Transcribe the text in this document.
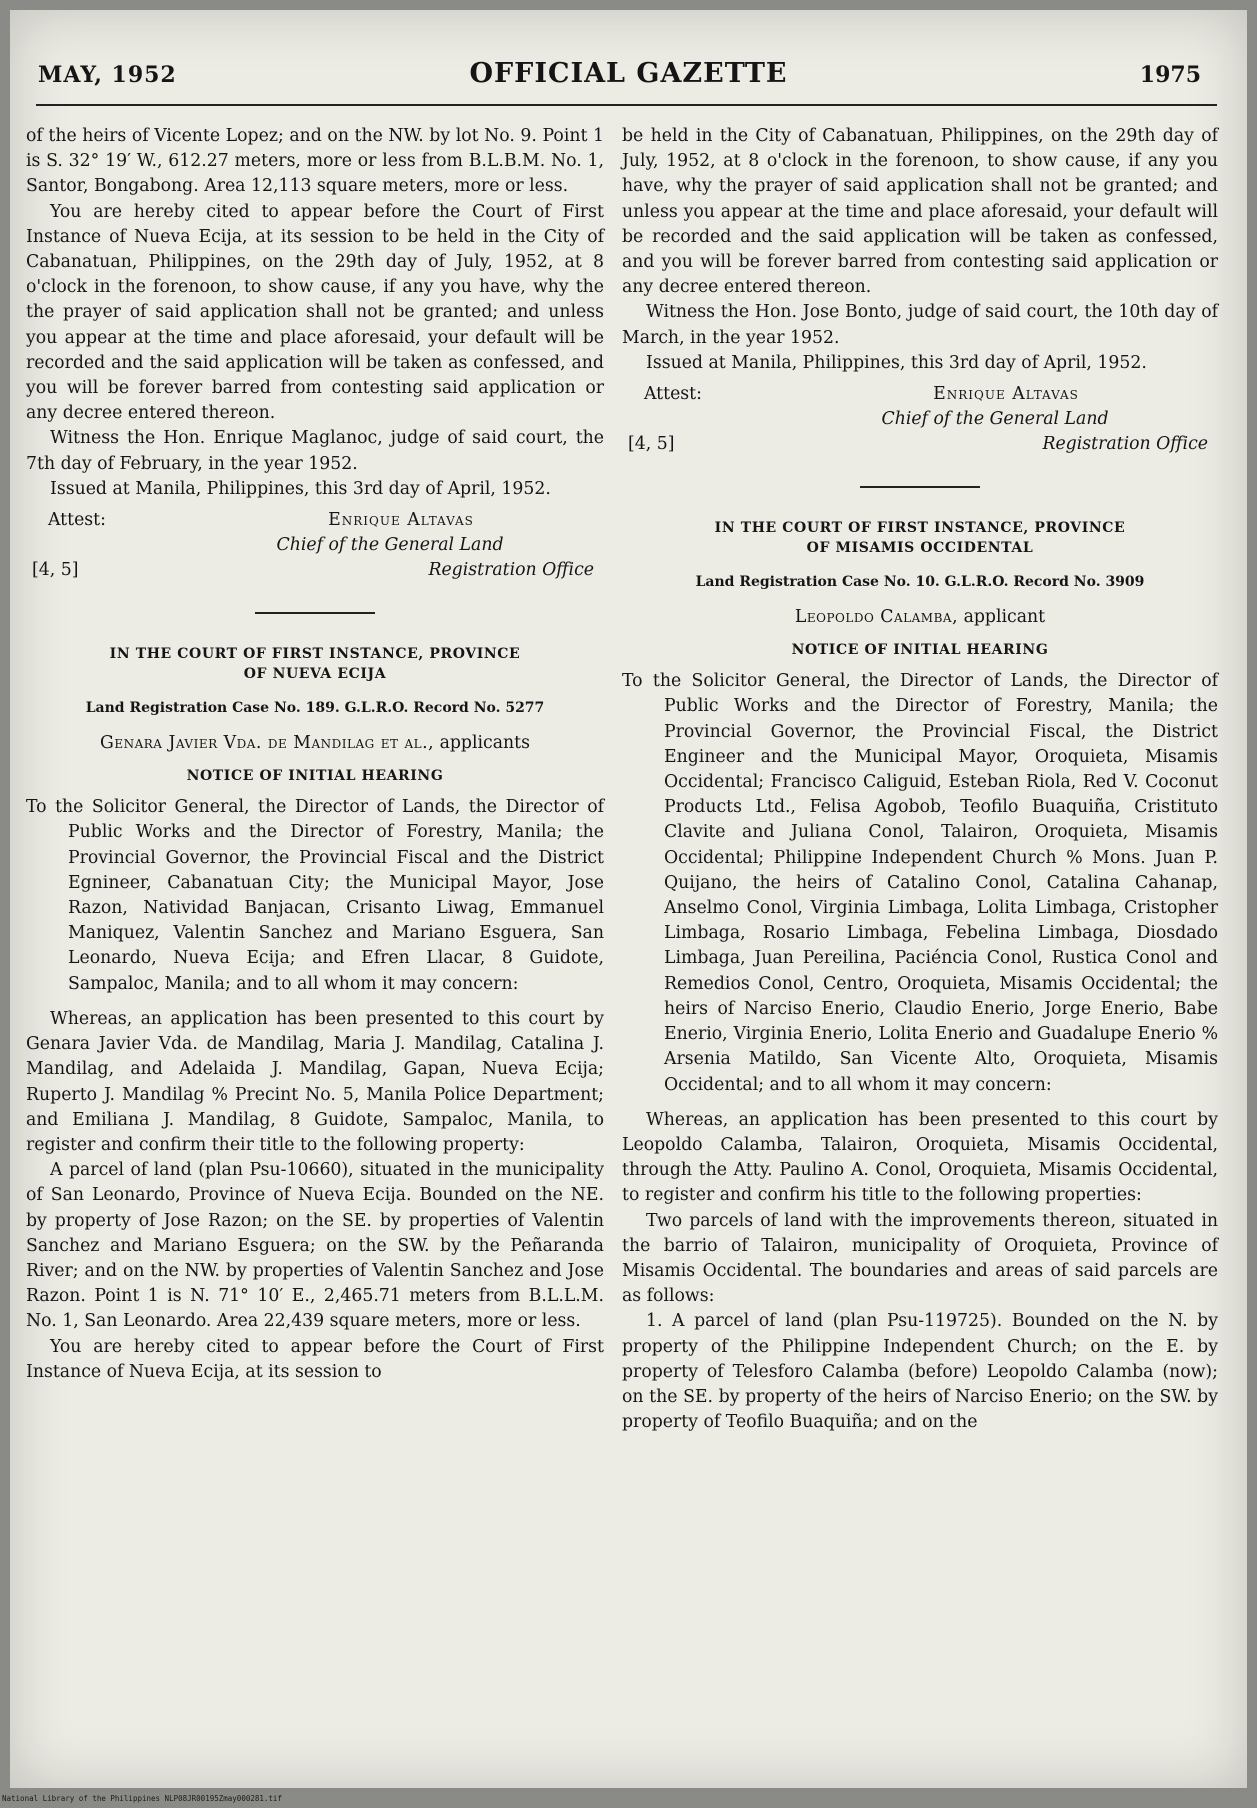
MAY, 1952	OFFICIAL GAZETTE	1975

of the heirs of Vicente Lopez; and on the NW. by lot No. 9. Point 1 is S. 32° 19′ W., 612.27 meters, more or less from B.L.B.M. No. 1, Santor, Bongabong. Area 12,113 square meters, more or less.

You are hereby cited to appear before the Court of First Instance of Nueva Ecija, at its session to be held in the City of Cabanatuan, Philippines, on the 29th day of July, 1952, at 8 o'clock in the forenoon, to show cause, if any you have, why the the prayer of said application shall not be granted; and unless you appear at the time and place aforesaid, your default will be recorded and the said application will be taken as confessed, and you will be forever barred from contesting said application or any decree entered thereon.

Witness the Hon. Enrique Maglanoc, judge of said court, the 7th day of February, in the year 1952.

Issued at Manila, Philippines, this 3rd day of April, 1952.

Attest:	Enrique Altavas
Chief of the General Land
[4, 5]	Registration Office
IN THE COURT OF FIRST INSTANCE, PROVINCE
OF NUEVA ECIJA
Land Registration Case No. 189. G.L.R.O. Record No. 5277
Genara Javier Vda. de Mandilag et al., applicants
NOTICE OF INITIAL HEARING

To the Solicitor General, the Director of Lands, the Director of Public Works and the Director of Forestry, Manila; the Provincial Governor, the Provincial Fiscal and the District Egnineer, Cabanatuan City; the Municipal Mayor, Jose Razon, Natividad Banjacan, Crisanto Liwag, Emmanuel Maniquez, Valentin Sanchez and Mariano Esguera, San Leonardo, Nueva Ecija; and Efren Llacar, 8 Guidote, Sampaloc, Manila; and to all whom it may concern:

Whereas, an application has been presented to this court by Genara Javier Vda. de Mandilag, Maria J. Mandilag, Catalina J. Mandilag, and Adelaida J. Mandilag, Gapan, Nueva Ecija; Ruperto J. Mandilag % Precint No. 5, Manila Police Department; and Emiliana J. Mandilag, 8 Guidote, Sampaloc, Manila, to register and confirm their title to the following property:

A parcel of land (plan Psu-10660), situated in the municipality of San Leonardo, Province of Nueva Ecija. Bounded on the NE. by property of Jose Razon; on the SE. by properties of Valentin Sanchez and Mariano Esguera; on the SW. by the Peñaranda River; and on the NW. by properties of Valentin Sanchez and Jose Razon. Point 1 is N. 71° 10′ E., 2,465.71 meters from B.L.L.M. No. 1, San Leonardo. Area 22,439 square meters, more or less.

You are hereby cited to appear before the Court of First Instance of Nueva Ecija, at its session to

be held in the City of Cabanatuan, Philippines, on the 29th day of July, 1952, at 8 o'clock in the forenoon, to show cause, if any you have, why the prayer of said application shall not be granted; and unless you appear at the time and place aforesaid, your default will be recorded and the said application will be taken as confessed, and you will be forever barred from contesting said application or any decree entered thereon.

Witness the Hon. Jose Bonto, judge of said court, the 10th day of March, in the year 1952.

Issued at Manila, Philippines, this 3rd day of April, 1952.

Attest:	Enrique Altavas
Chief of the General Land
[4, 5]	Registration Office
IN THE COURT OF FIRST INSTANCE, PROVINCE
OF MISAMIS OCCIDENTAL
Land Registration Case No. 10. G.L.R.O. Record No. 3909
Leopoldo Calamba, applicant
NOTICE OF INITIAL HEARING

To the Solicitor General, the Director of Lands, the Director of Public Works and the Director of Forestry, Manila; the Provincial Governor, the Provincial Fiscal, the District Engineer and the Municipal Mayor, Oroquieta, Misamis Occidental; Francisco Caliguid, Esteban Riola, Red V. Coconut Products Ltd., Felisa Agobob, Teofilo Buaquiña, Cristituto Clavite and Juliana Conol, Talairon, Oroquieta, Misamis Occidental; Philippine Independent Church % Mons. Juan P. Quijano, the heirs of Catalino Conol, Catalina Cahanap, Anselmo Conol, Virginia Limbaga, Lolita Limbaga, Cristopher Limbaga, Rosario Limbaga, Febelina Limbaga, Diosdado Limbaga, Juan Pereilina, Paciéncia Conol, Rustica Conol and Remedios Conol, Centro, Oroquieta, Misamis Occidental; the heirs of Narciso Enerio, Claudio Enerio, Jorge Enerio, Babe Enerio, Virginia Enerio, Lolita Enerio and Guadalupe Enerio % Arsenia Matildo, San Vicente Alto, Oroquieta, Misamis Occidental; and to all whom it may concern:

Whereas, an application has been presented to this court by Leopoldo Calamba, Talairon, Oroquieta, Misamis Occidental, through the Atty. Paulino A. Conol, Oroquieta, Misamis Occidental, to register and confirm his title to the following properties:

Two parcels of land with the improvements thereon, situated in the barrio of Talairon, municipality of Oroquieta, Province of Misamis Occidental. The boundaries and areas of said parcels are as follows:

1. A parcel of land (plan Psu-119725). Bounded on the N. by property of the Philippine Independent Church; on the E. by property of Telesforo Calamba (before) Leopoldo Calamba (now); on the SE. by property of the heirs of Narciso Enerio; on the SW. by property of Teofilo Buaquiña; and on the

National Library of the Philippines NLP08JR00195Zmay000281.tif
